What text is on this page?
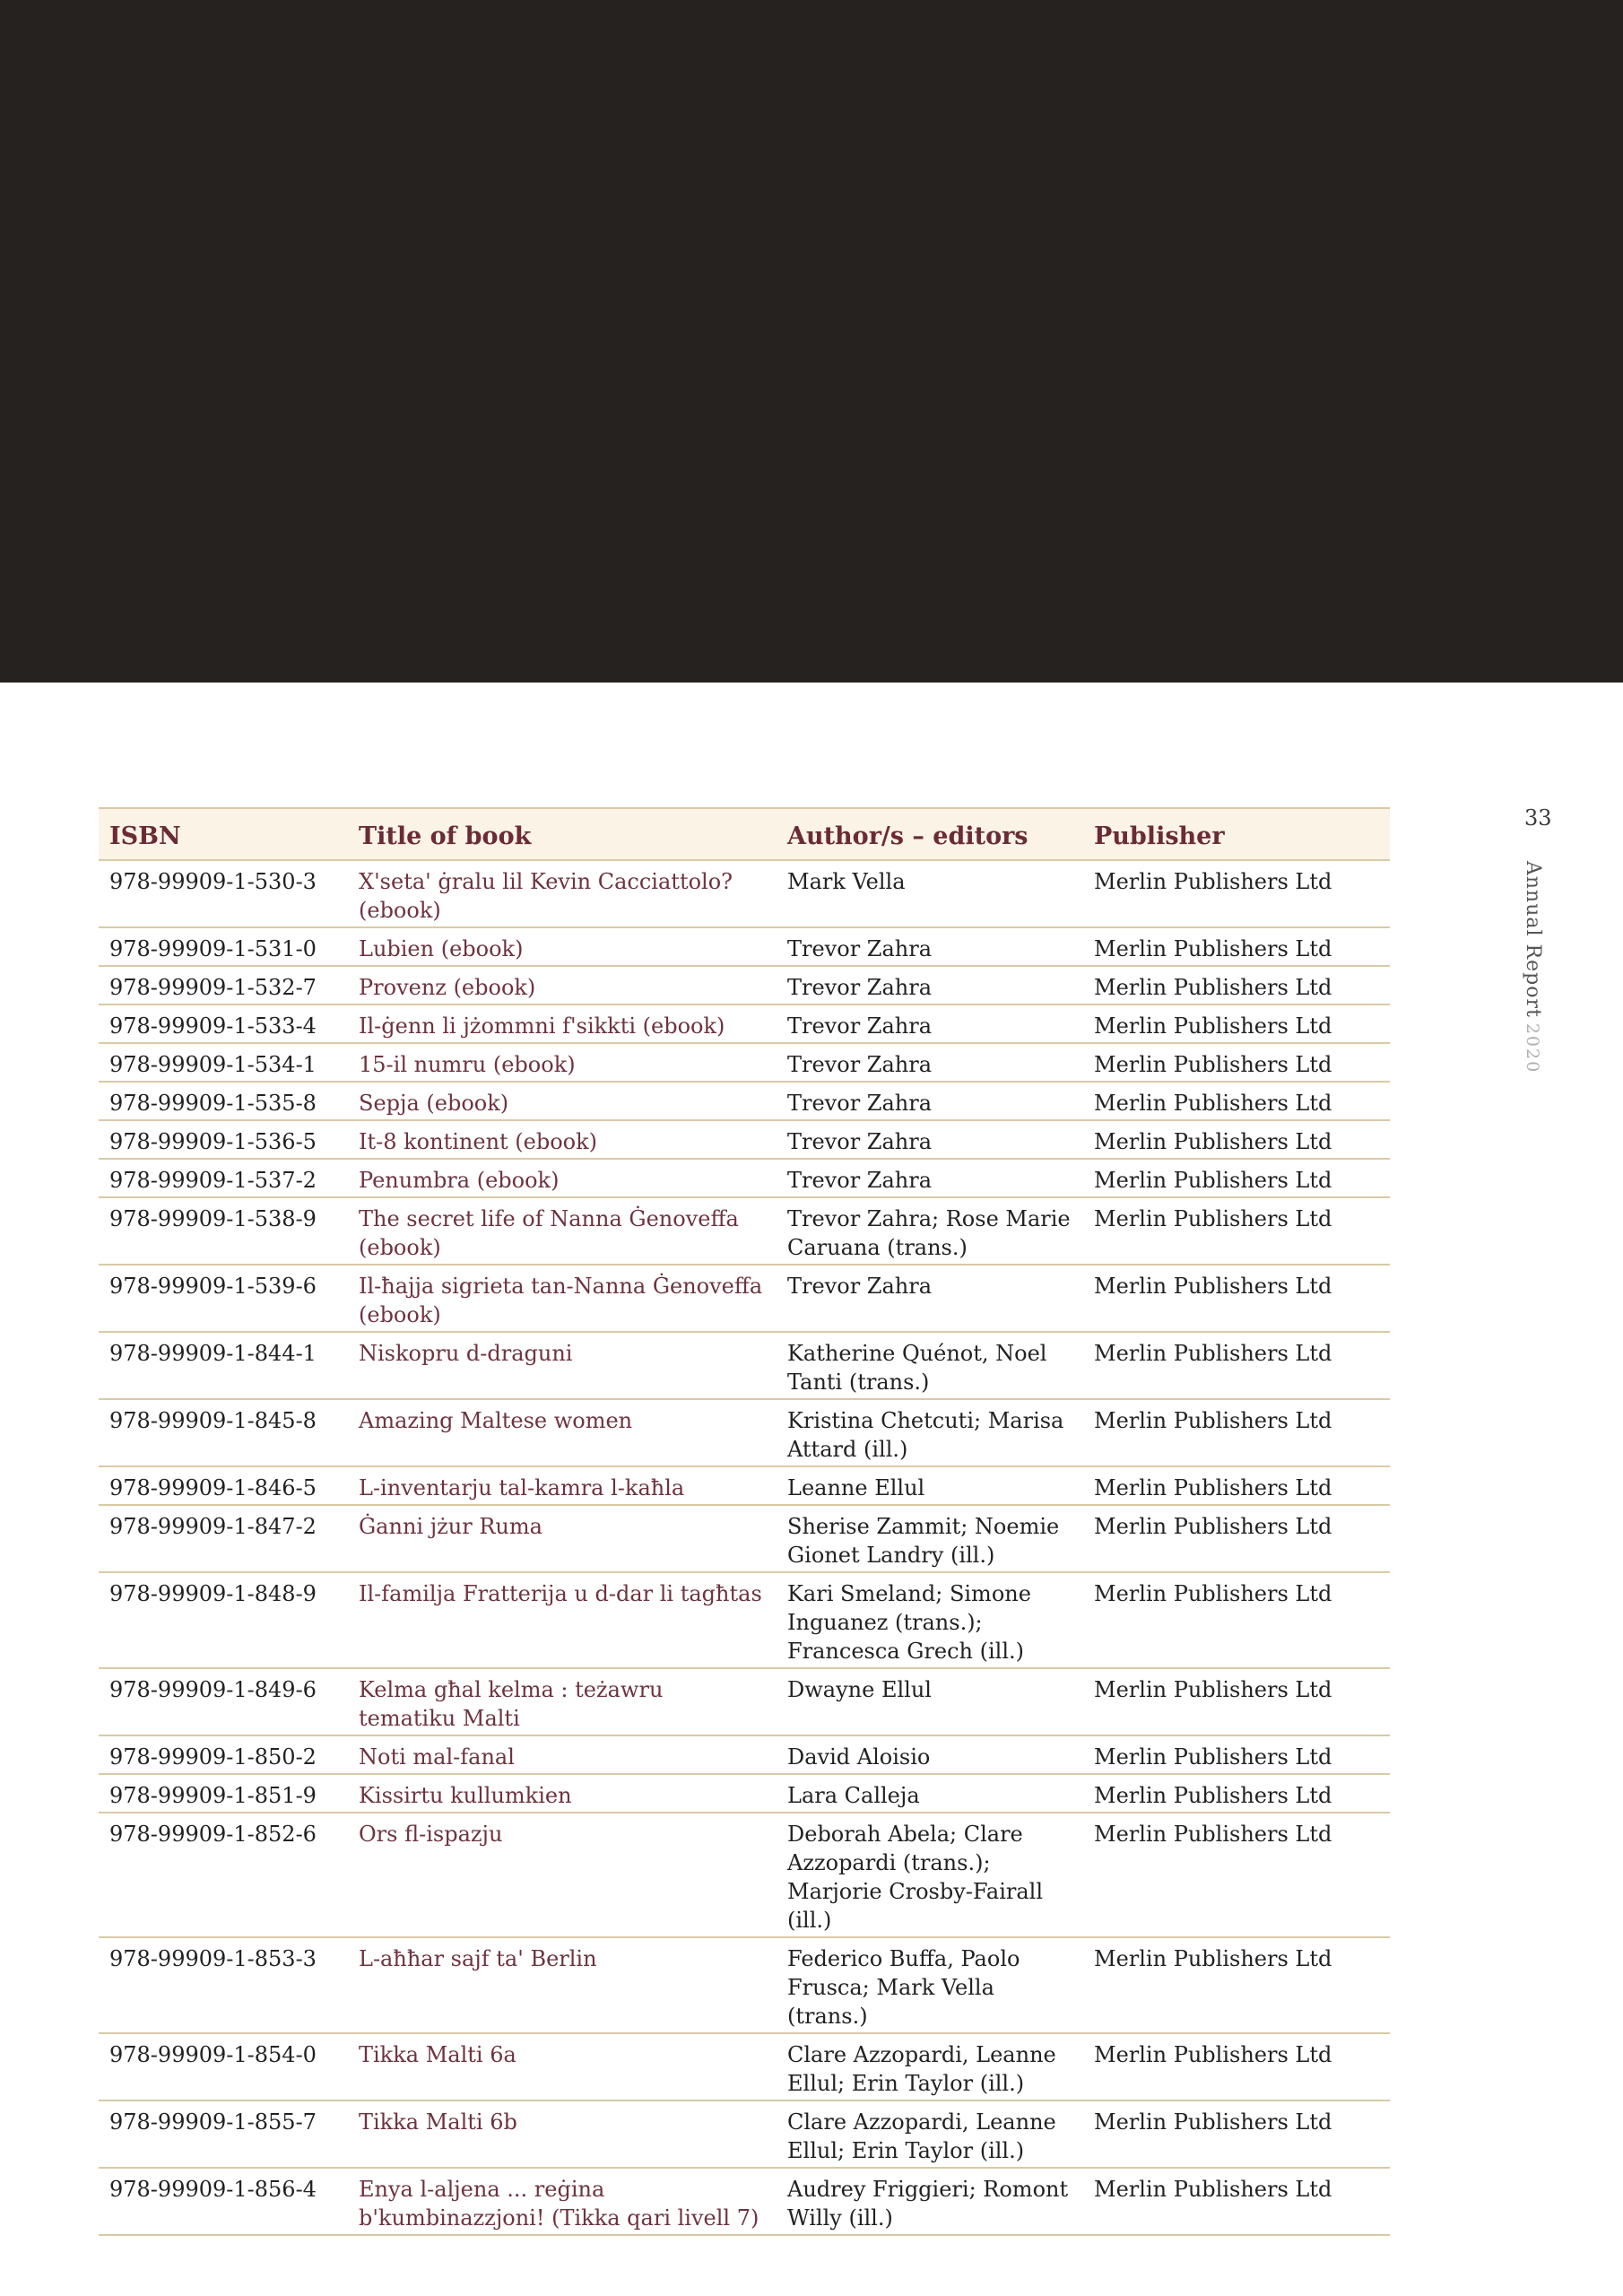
33
Annual Report2020
ISBN	Title of book	Author/s – editors	Publisher
978-99909-1-530-3	X'seta' ġralu lil Kevin Cacciattolo? (ebook)	Mark Vella	Merlin Publishers Ltd
978-99909-1-531-0	Lubien (ebook)	Trevor Zahra	Merlin Publishers Ltd
978-99909-1-532-7	Provenz (ebook)	Trevor Zahra	Merlin Publishers Ltd
978-99909-1-533-4	Il-ġenn li jżommni f'sikkti (ebook)	Trevor Zahra	Merlin Publishers Ltd
978-99909-1-534-1	15-il numru (ebook)	Trevor Zahra	Merlin Publishers Ltd
978-99909-1-535-8	Sepja (ebook)	Trevor Zahra	Merlin Publishers Ltd
978-99909-1-536-5	It-8 kontinent (ebook)	Trevor Zahra	Merlin Publishers Ltd
978-99909-1-537-2	Penumbra (ebook)	Trevor Zahra	Merlin Publishers Ltd
978-99909-1-538-9	The secret life of Nanna Ġenoveffa (ebook)	Trevor Zahra; Rose Marie Caruana (trans.)	Merlin Publishers Ltd
978-99909-1-539-6	Il-ħajja sigrieta tan-Nanna Ġenoveffa (ebook)	Trevor Zahra	Merlin Publishers Ltd
978-99909-1-844-1	Niskopru d-draguni	Katherine Quénot, Noel Tanti (trans.)	Merlin Publishers Ltd
978-99909-1-845-8	Amazing Maltese women	Kristina Chetcuti; Marisa Attard (ill.)	Merlin Publishers Ltd
978-99909-1-846-5	L-inventarju tal-kamra l-kaħla	Leanne Ellul	Merlin Publishers Ltd
978-99909-1-847-2	Ġanni jżur Ruma	Sherise Zammit; Noemie Gionet Landry (ill.)	Merlin Publishers Ltd
978-99909-1-848-9	Il-familja Fratterija u d-dar li tagħtas	Kari Smeland; Simone Inguanez (trans.); Francesca Grech (ill.)	Merlin Publishers Ltd
978-99909-1-849-6	Kelma għal kelma : teżawru tematiku Malti	Dwayne Ellul	Merlin Publishers Ltd
978-99909-1-850-2	Noti mal-fanal	David Aloisio	Merlin Publishers Ltd
978-99909-1-851-9	Kissirtu kullumkien	Lara Calleja	Merlin Publishers Ltd
978-99909-1-852-6	Ors fl-ispazju	Deborah Abela; Clare Azzopardi (trans.); Marjorie Crosby-Fairall (ill.)	Merlin Publishers Ltd
978-99909-1-853-3	L-aħħar sajf ta' Berlin	Federico Buffa, Paolo Frusca; Mark Vella (trans.)	Merlin Publishers Ltd
978-99909-1-854-0	Tikka Malti 6a	Clare Azzopardi, Leanne Ellul; Erin Taylor (ill.)	Merlin Publishers Ltd
978-99909-1-855-7	Tikka Malti 6b	Clare Azzopardi, Leanne Ellul; Erin Taylor (ill.)	Merlin Publishers Ltd
978-99909-1-856-4	Enya l-aljena ... reġina b'kumbinazzjoni! (Tikka qari livell 7)	Audrey Friggieri; Romont Willy (ill.)	Merlin Publishers Ltd
